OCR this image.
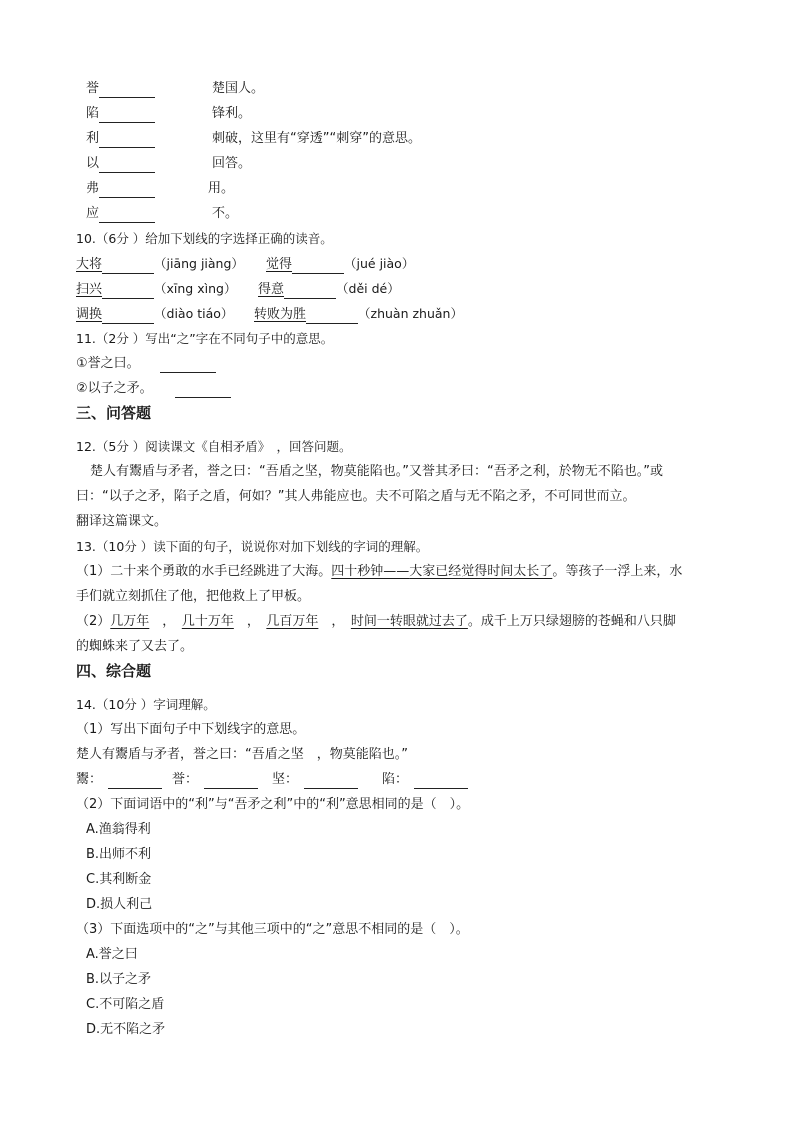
誉	楚国人。
陷	锋利。
利	刺破，这里有“穿透”“刺穿”的意思。
以	回答。
弗	用。
应	不。
10.（6分 ）给加下划线的字选择正确的读音。
大将	（jiāng jiàng） 觉得	（jué jiào）
扫兴	（xīng xìng） 得意	（děi dé）
调换	（diào tiáo） 转败为胜	（zhuàn zhuǎn）
11.（2分 ）写出“之”字在不同句子中的意思。
①誉之曰。
②以子之矛。
三、问答题
12.（5分 ）阅读课文《自相矛盾》　，回答问题。
楚人有鬻盾与矛者，誉之曰：“吾盾之坚，物莫能陷也。”又誉其矛曰：“吾矛之利，於物无不陷也。”或
曰：“以子之矛，陷子之盾，何如？”其人弗能应也。夫不可陷之盾与无不陷之矛，不可同世而立。
翻译这篇课文。
13.（10分 ）读下面的句子，说说你对加下划线的字词的理解。
（1）二十来个勇敢的水手已经跳进了大海。四十秒钟——大家已经觉得时间太长了。等孩子一浮上来，水
手们就立刻抓住了他，把他救上了甲板。
（2）几万年　，　几十万年　，　几百万年　，　时间一转眼就过去了。成千上万只绿翅膀的苍蝇和八只脚
的蜘蛛来了又去了。
四、综合题
14.（10分 ）字词理解。
（1）写出下面句子中下划线字的意思。
楚人有鬻盾与矛者，誉之曰：“吾盾之坚　，物莫能陷也。”
鬻：	誉：	坚：	陷：
（2）下面词语中的“利”与“吾矛之利”中的“利”意思相同的是（　）。
A.渔翁得利
B.出师不利
C.其利断金
D.损人利己
（3）下面选项中的“之”与其他三项中的“之”意思不相同的是（　）。
A.誉之曰
B.以子之矛
C.不可陷之盾
D.无不陷之矛
